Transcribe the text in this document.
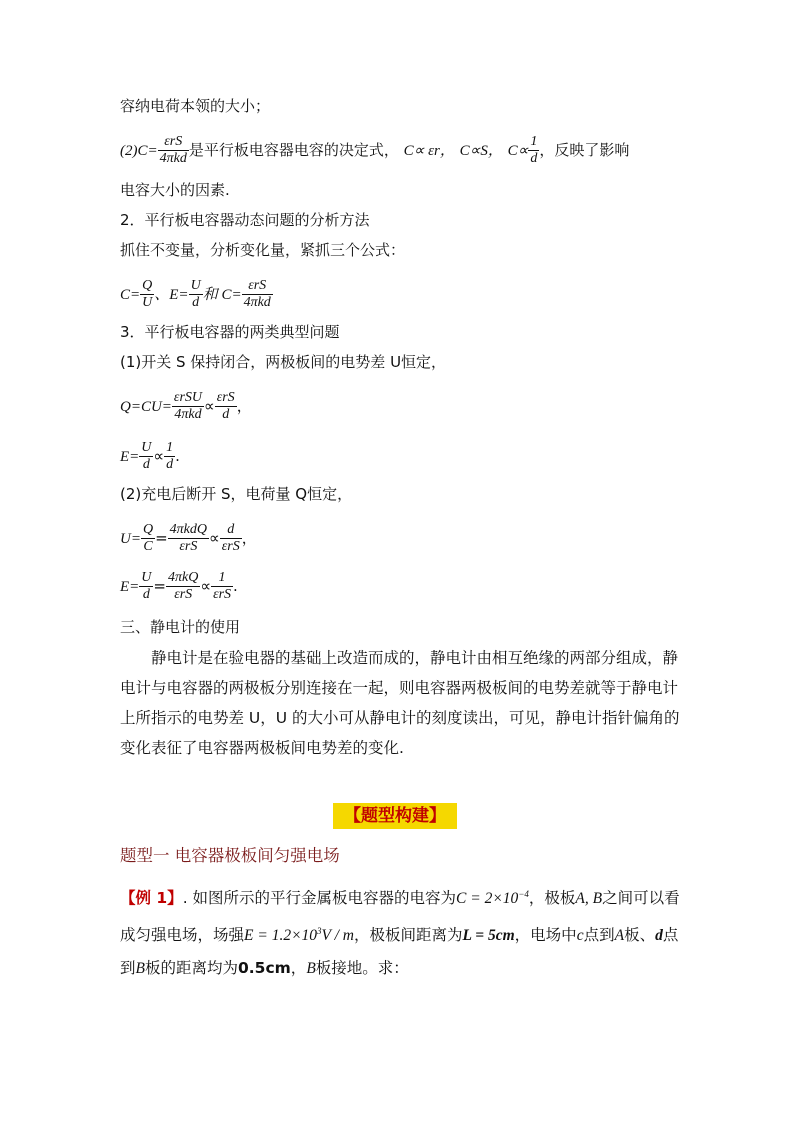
容纳电荷本领的大小；
$(2)C= \frac{\text{εrS}}{\text{4πkd}}$ 是平行板电容器电容的决定式， C∝ εr， C∝S， $C\propto \frac{1}{d}$ ，反映了影响
电容大小的因素.
2．平行板电容器动态问题的分析方法
抓住不变量，分析变化量，紧抓三个公式：
$C= \frac{Q}{U}$ 、$E= \frac{U}{d}$ 和 $C= \frac{\text{εrS}}{\text{4πkd}}$
3．平行板电容器的两类典型问题
(1)开关 S 保持闭合，两极板间的电势差 U恒定，
$Q=CU= \frac{\text{εrSU}}{\text{4πkd}} \propto \frac{\text{εrS}}{d}$ ，
$E= \frac{U}{d} \propto \frac{1}{d}$ .
(2)充电后断开 S，电荷量 Q恒定，
$U= \frac{Q}{C} = \frac{\text{4πkdQ}}{\text{εrS}} \propto \frac{d}{\text{εrS}}$ ，
$E= \frac{U}{d} = \frac{\text{4πkQ}}{\text{εrS}} \propto \frac{1}{\text{εrS}}$ .
三、静电计的使用
静电计是在验电器的基础上改造而成的，静电计由相互绝缘的两部分组成，静电计与电容器的两极板分别连接在一起，则电容器两极板间的电势差就等于静电计上所指示的电势差 U，U 的大小可从静电计的刻度读出，可见，静电计指针偏角的变化表征了电容器两极板间电势差的变化.
【题型构建】
题型一 电容器极板间匀强电场
【例 1】. 如图所示的平行金属板电容器的电容为$C = 2\times 10^{-4}$，极板A, B之间可以看成匀强电场，场强$E = 1.2\times 10^3V / m$，极板间距离为L = 5cm，电场中c点到A板、d点到B板的距离均为0.5cm，B板接地。求：
